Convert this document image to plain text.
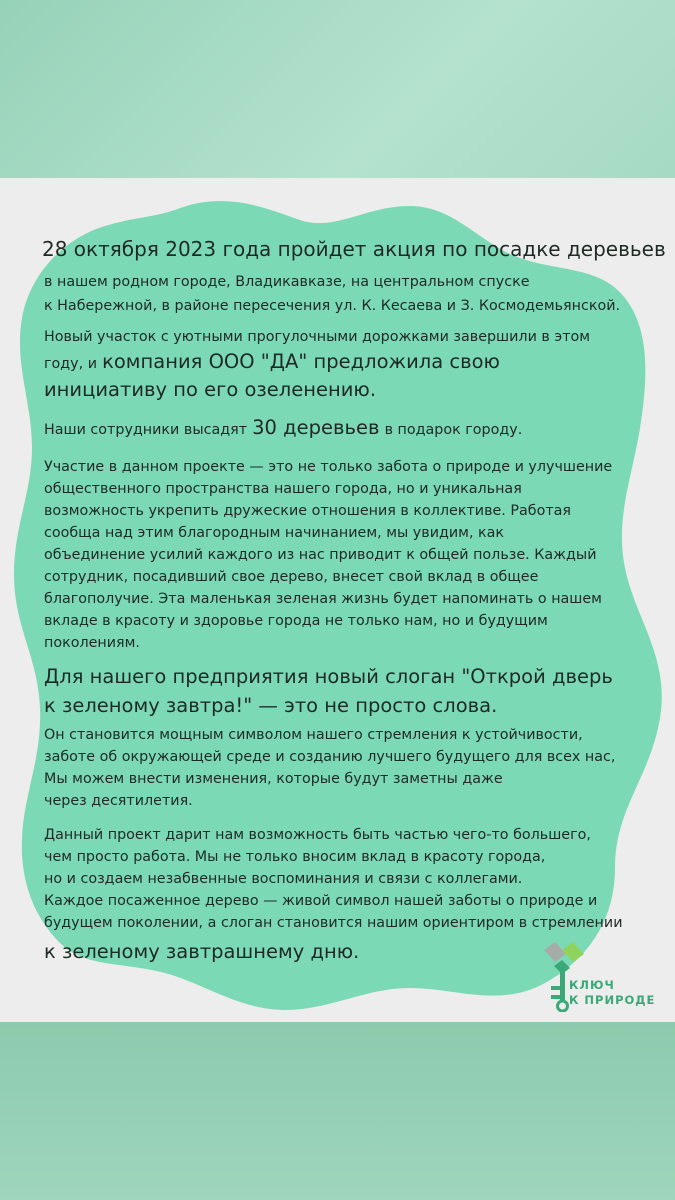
28 октября 2023 года пройдет акция по посадке деревьев

в нашем родном городе, Владикавказе, на центральном спуске

к Набережной, в районе пересечения ул. К. Кесаева и З. Космодемьянской.

Новый участок с уютными прогулочными дорожками завершили в этом

году, и компания ООО "ДА" предложила свою

инициативу по его озеленению.

Наши сотрудники высадят 30 деревьев в подарок городу.

Участие в данном проекте — это не только забота о природе и улучшение

общественного пространства нашего города, но и уникальная

возможность укрепить дружеские отношения в коллективе. Работая

сообща над этим благородным начинанием, мы увидим, как

объединение усилий каждого из нас приводит к общей пользе. Каждый

сотрудник, посадивший свое дерево, внесет свой вклад в общее

благополучие. Эта маленькая зеленая жизнь будет напоминать о нашем

вкладе в красоту и здоровье города не только нам, но и будущим

поколениям.

Для нашего предприятия новый слоган "Открой дверь

к зеленому завтра!" — это не просто слова.

Он становится мощным символом нашего стремления к устойчивости,

заботе об окружающей среде и созданию лучшего будущего для всех нас,

Мы можем внести изменения, которые будут заметны даже

через десятилетия.

Данный проект дарит нам возможность быть частью чего-то большего,

чем просто работа. Мы не только вносим вклад в красоту города,

но и создаем незабвенные воспоминания и связи с коллегами.

Каждое посаженное дерево — живой символ нашей заботы о природе и

будущем поколении, а слоган становится нашим ориентиром в стремлении

к зеленому завтрашнему дню.

КЛЮЧ
К ПРИРОДЕ
